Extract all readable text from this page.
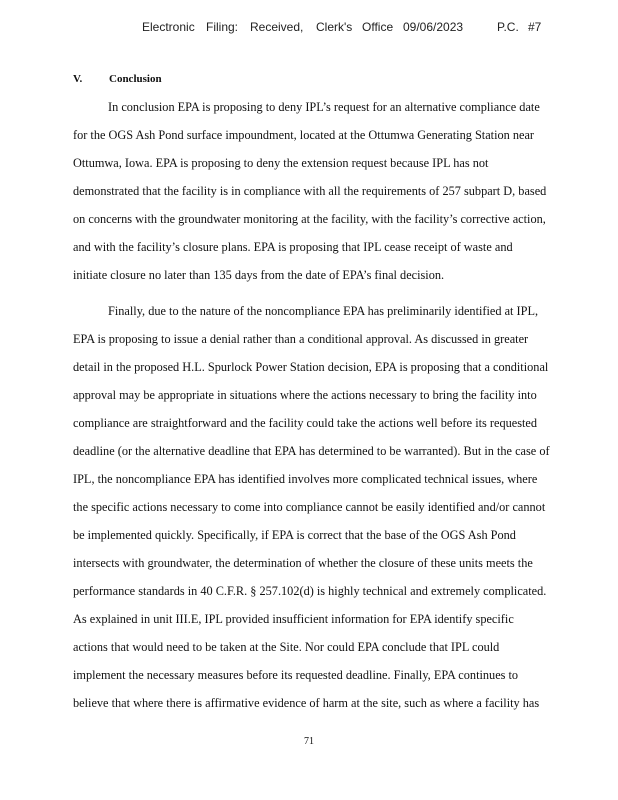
Electronic Filing: Received, Clerk's Office 09/06/2023	P.C. #7
V. Conclusion
In conclusion EPA is proposing to deny IPL’s request for an alternative compliance date
for the OGS Ash Pond surface impoundment, located at the Ottumwa Generating Station near
Ottumwa, Iowa. EPA is proposing to deny the extension request because IPL has not
demonstrated that the facility is in compliance with all the requirements of 257 subpart D, based
on concerns with the groundwater monitoring at the facility, with the facility’s corrective action,
and with the facility’s closure plans. EPA is proposing that IPL cease receipt of waste and
initiate closure no later than 135 days from the date of EPA’s final decision.
Finally, due to the nature of the noncompliance EPA has preliminarily identified at IPL,
EPA is proposing to issue a denial rather than a conditional approval. As discussed in greater
detail in the proposed H.L. Spurlock Power Station decision, EPA is proposing that a conditional
approval may be appropriate in situations where the actions necessary to bring the facility into
compliance are straightforward and the facility could take the actions well before its requested
deadline (or the alternative deadline that EPA has determined to be warranted). But in the case of
IPL, the noncompliance EPA has identified involves more complicated technical issues, where
the specific actions necessary to come into compliance cannot be easily identified and/or cannot
be implemented quickly. Specifically, if EPA is correct that the base of the OGS Ash Pond
intersects with groundwater, the determination of whether the closure of these units meets the
performance standards in 40 C.F.R. § 257.102(d) is highly technical and extremely complicated.
As explained in unit III.E, IPL provided insufficient information for EPA identify specific
actions that would need to be taken at the Site. Nor could EPA conclude that IPL could
implement the necessary measures before its requested deadline. Finally, EPA continues to
believe that where there is affirmative evidence of harm at the site, such as where a facility has
71
